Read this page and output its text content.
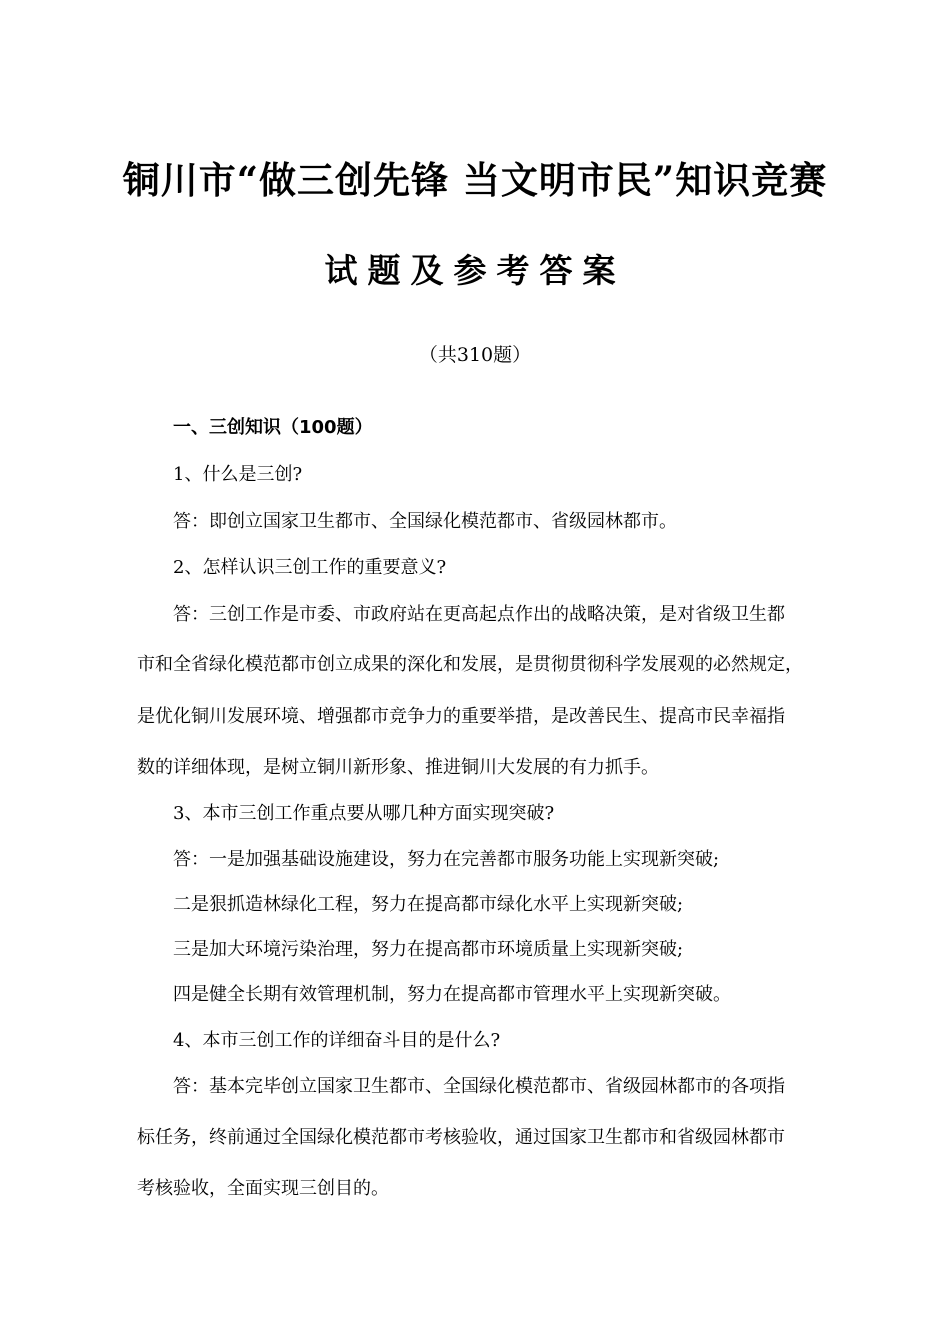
铜川市“做三创先锋 当文明市民”知识竞赛
试题及参考答案
（共310题）
一、三创知识（100题）
1、什么是三创?
答：即创立国家卫生都市、全国绿化模范都市、省级园林都市。
2、怎样认识三创工作的重要意义?
答：三创工作是市委、市政府站在更高起点作出的战略决策，是对省级卫生都
市和全省绿化模范都市创立成果的深化和发展，是贯彻贯彻科学发展观的必然规定，
是优化铜川发展环境、增强都市竞争力的重要举措，是改善民生、提高市民幸福指
数的详细体现，是树立铜川新形象、推进铜川大发展的有力抓手。
3、本市三创工作重点要从哪几种方面实现突破?
答：一是加强基础设施建设，努力在完善都市服务功能上实现新突破;
二是狠抓造林绿化工程，努力在提高都市绿化水平上实现新突破;
三是加大环境污染治理，努力在提高都市环境质量上实现新突破;
四是健全长期有效管理机制，努力在提高都市管理水平上实现新突破。
4、本市三创工作的详细奋斗目的是什么?
答：基本完毕创立国家卫生都市、全国绿化模范都市、省级园林都市的各项指
标任务，终前通过全国绿化模范都市考核验收，通过国家卫生都市和省级园林都市
考核验收，全面实现三创目的。
